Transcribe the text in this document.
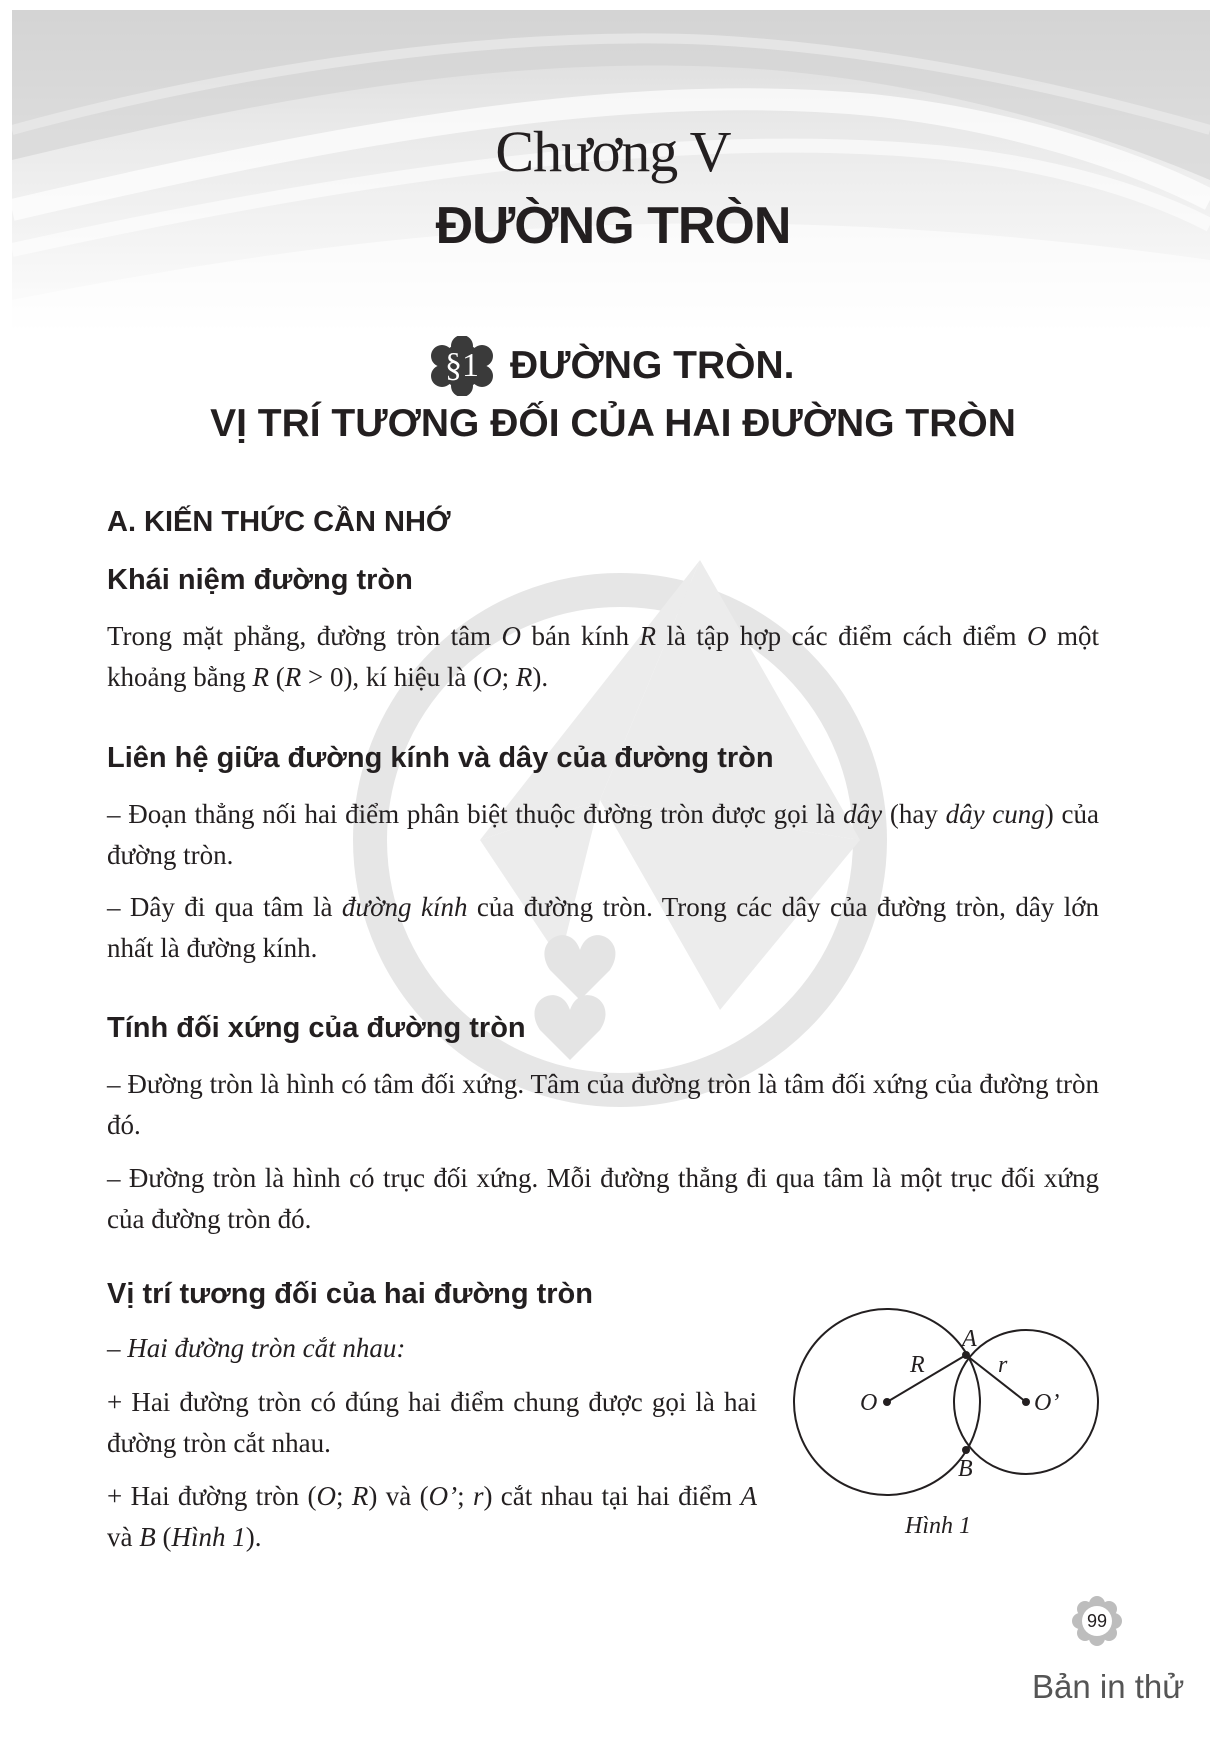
Chương V
ĐƯỜNG TRÒN
§1 ĐƯỜNG TRÒN.
VỊ TRÍ TƯƠNG ĐỐI CỦA HAI ĐƯỜNG TRÒN
A. KIẾN THỨC CẦN NHỚ
Khái niệm đường tròn
Trong mặt phẳng, đường tròn tâm O bán kính R là tập hợp các điểm cách điểm O một khoảng bằng R (R > 0), kí hiệu là (O; R).
Liên hệ giữa đường kính và dây của đường tròn
– Đoạn thẳng nối hai điểm phân biệt thuộc đường tròn được gọi là dây (hay dây cung) của đường tròn.
– Dây đi qua tâm là đường kính của đường tròn. Trong các dây của đường tròn, dây lớn nhất là đường kính.
Tính đối xứng của đường tròn
– Đường tròn là hình có tâm đối xứng. Tâm của đường tròn là tâm đối xứng của đường tròn đó.
– Đường tròn là hình có trục đối xứng. Mỗi đường thẳng đi qua tâm là một trục đối xứng của đường tròn đó.
Vị trí tương đối của hai đường tròn
– Hai đường tròn cắt nhau:
+ Hai đường tròn có đúng hai điểm chung được gọi là hai đường tròn cắt nhau.
+ Hai đường tròn (O; R) và (O’; r) cắt nhau tại hai điểm A và B (Hình 1).
A
B
O	O’
R	r
Hình 1
99
Bản in thử
